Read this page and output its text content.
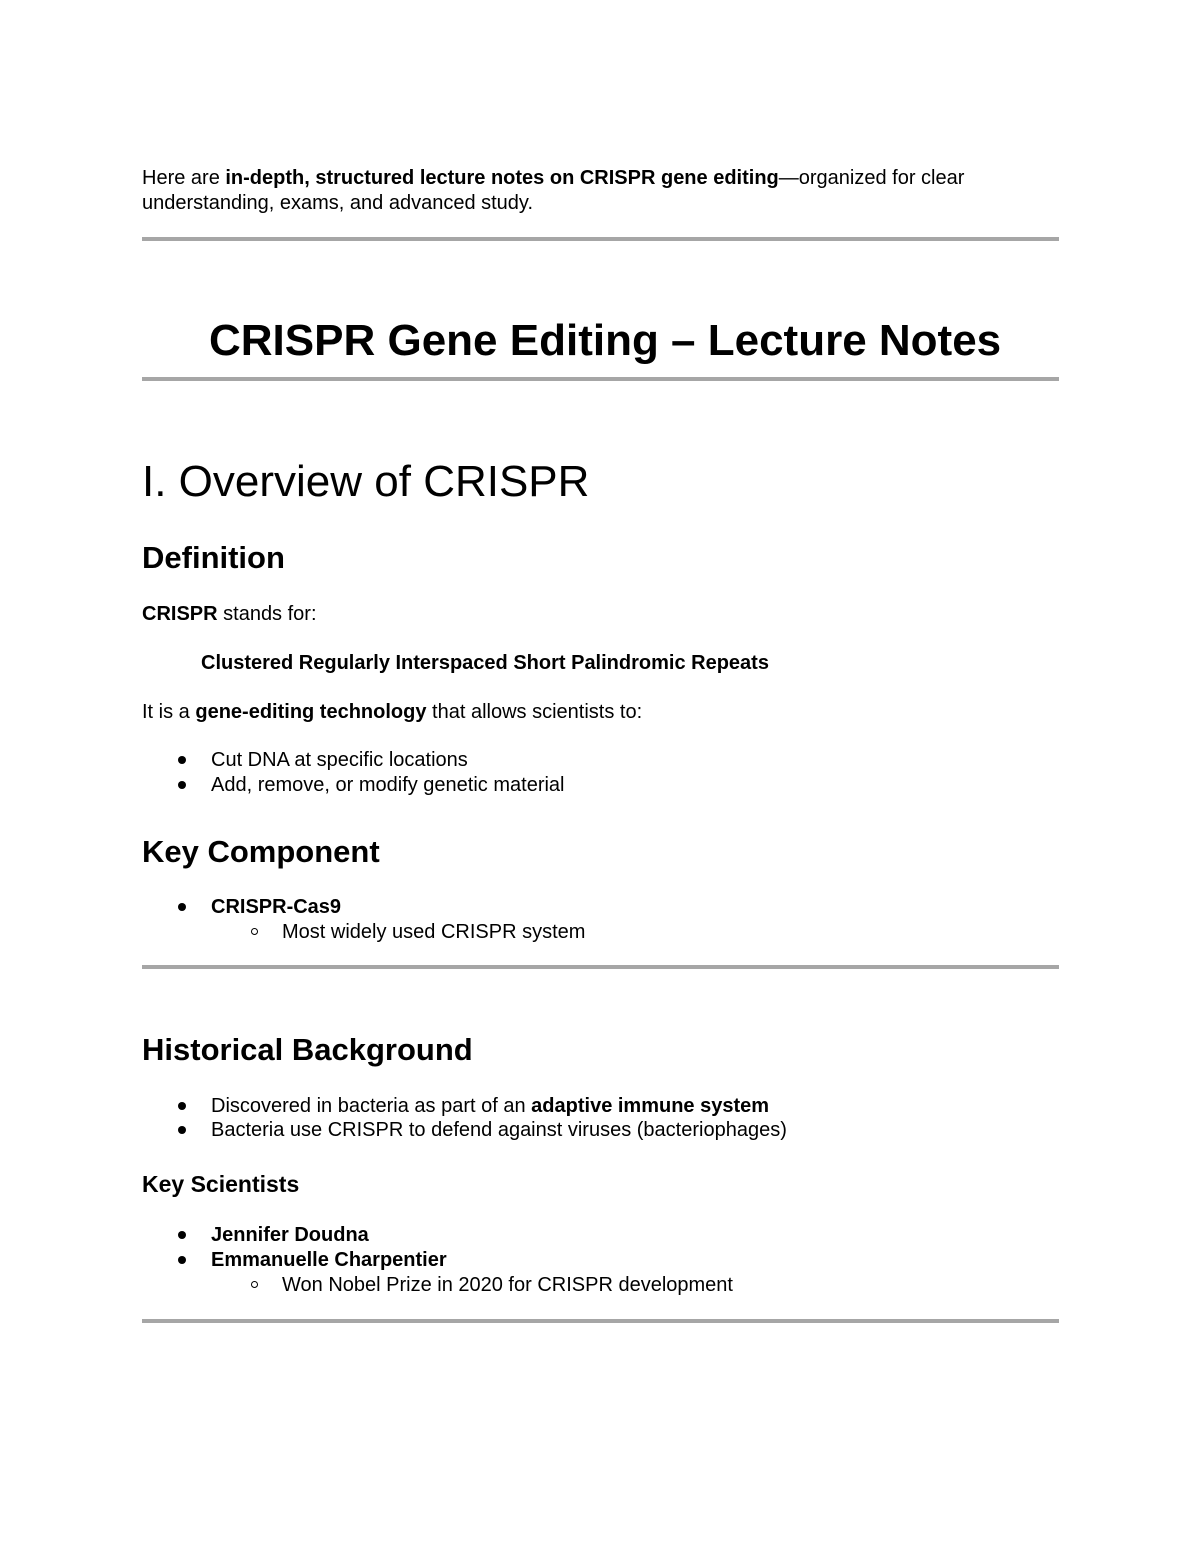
Here are in-depth, structured lecture notes on CRISPR gene editing—organized for clear
understanding, exams, and advanced study.

CRISPR Gene Editing – Lecture Notes
I. Overview of CRISPR
Definition

CRISPR stands for:

Clustered Regularly Interspaced Short Palindromic Repeats

It is a gene-editing technology that allows scientists to:

Cut DNA at specific locations

Add, remove, or modify genetic material

Key Component

CRISPR-Cas9

Most widely used CRISPR system

Historical Background

Discovered in bacteria as part of an adaptive immune system

Bacteria use CRISPR to defend against viruses (bacteriophages)

Key Scientists

Jennifer Doudna

Emmanuelle Charpentier

Won Nobel Prize in 2020 for CRISPR development
